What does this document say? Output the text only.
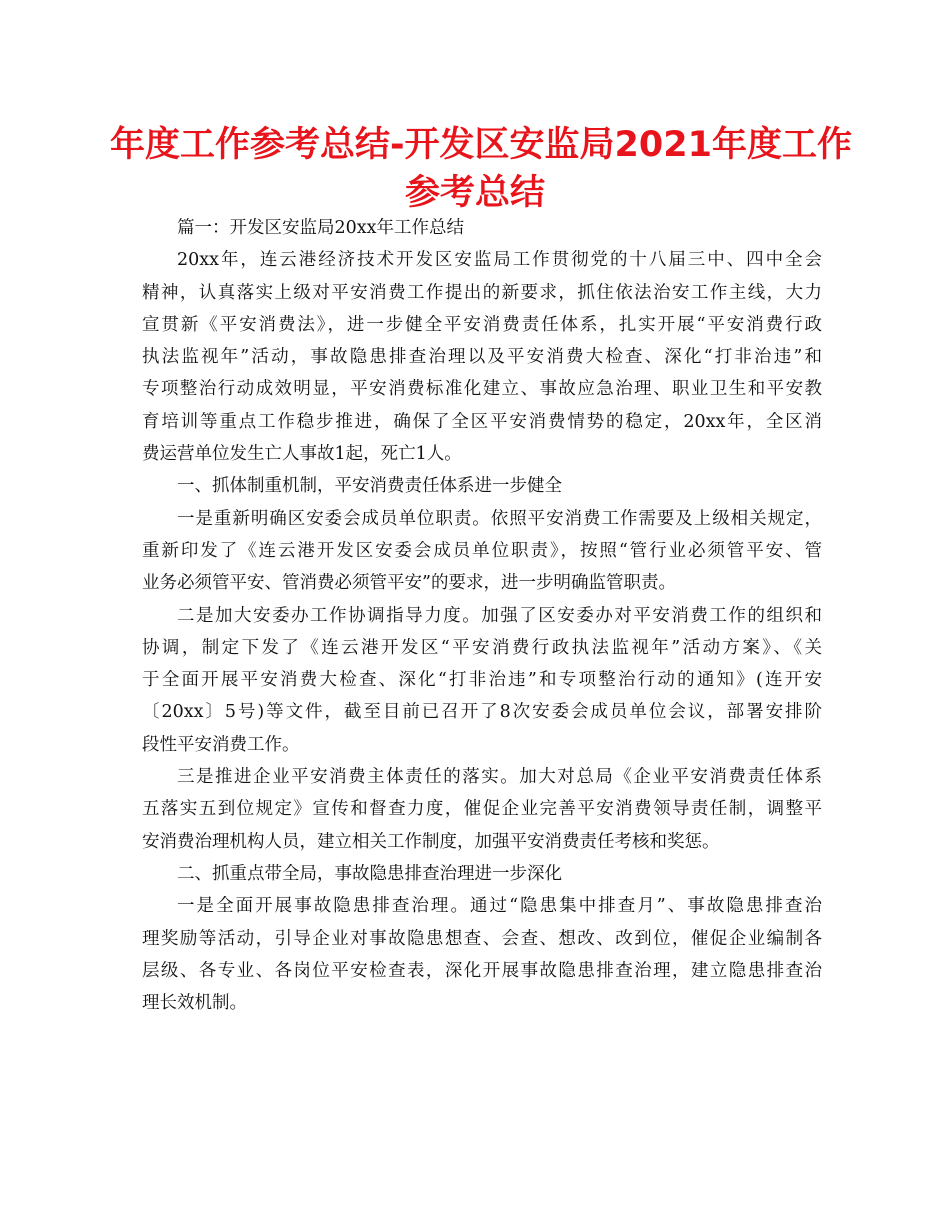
年度工作参考总结-开发区安监局2021年度工作
参考总结
篇一：开发区安监局20xx年工作总结
20xx年，连云港经济技术开发区安监局工作贯彻党的十八届三中、四中全会
精神，认真落实上级对平安消费工作提出的新要求，抓住依法治安工作主线，大力
宣贯新《平安消费法》，进一步健全平安消费责任体系，扎实开展“平安消费行政
执法监视年”活动，事故隐患排查治理以及平安消费大检查、深化“打非治违”和
专项整治行动成效明显，平安消费标准化建立、事故应急治理、职业卫生和平安教
育培训等重点工作稳步推进，确保了全区平安消费情势的稳定，20xx年，全区消
费运营单位发生亡人事故1起，死亡1人。
一、抓体制重机制，平安消费责任体系进一步健全
一是重新明确区安委会成员单位职责。依照平安消费工作需要及上级相关规定，
重新印发了《连云港开发区安委会成员单位职责》，按照“管行业必须管平安、管
业务必须管平安、管消费必须管平安”的要求，进一步明确监管职责。
二是加大安委办工作协调指导力度。加强了区安委办对平安消费工作的组织和
协调，制定下发了《连云港开发区“平安消费行政执法监视年”活动方案》、《关
于全面开展平安消费大检查、深化“打非治违”和专项整治行动的通知》(连开安
〔20xx〕5号)等文件，截至目前已召开了8次安委会成员单位会议，部署安排阶
段性平安消费工作。
三是推进企业平安消费主体责任的落实。加大对总局《企业平安消费责任体系
五落实五到位规定》宣传和督查力度，催促企业完善平安消费领导责任制，调整平
安消费治理机构人员，建立相关工作制度，加强平安消费责任考核和奖惩。
二、抓重点带全局，事故隐患排查治理进一步深化
一是全面开展事故隐患排查治理。通过“隐患集中排查月”、事故隐患排查治
理奖励等活动，引导企业对事故隐患想查、会查、想改、改到位，催促企业编制各
层级、各专业、各岗位平安检查表，深化开展事故隐患排查治理，建立隐患排查治
理长效机制。
